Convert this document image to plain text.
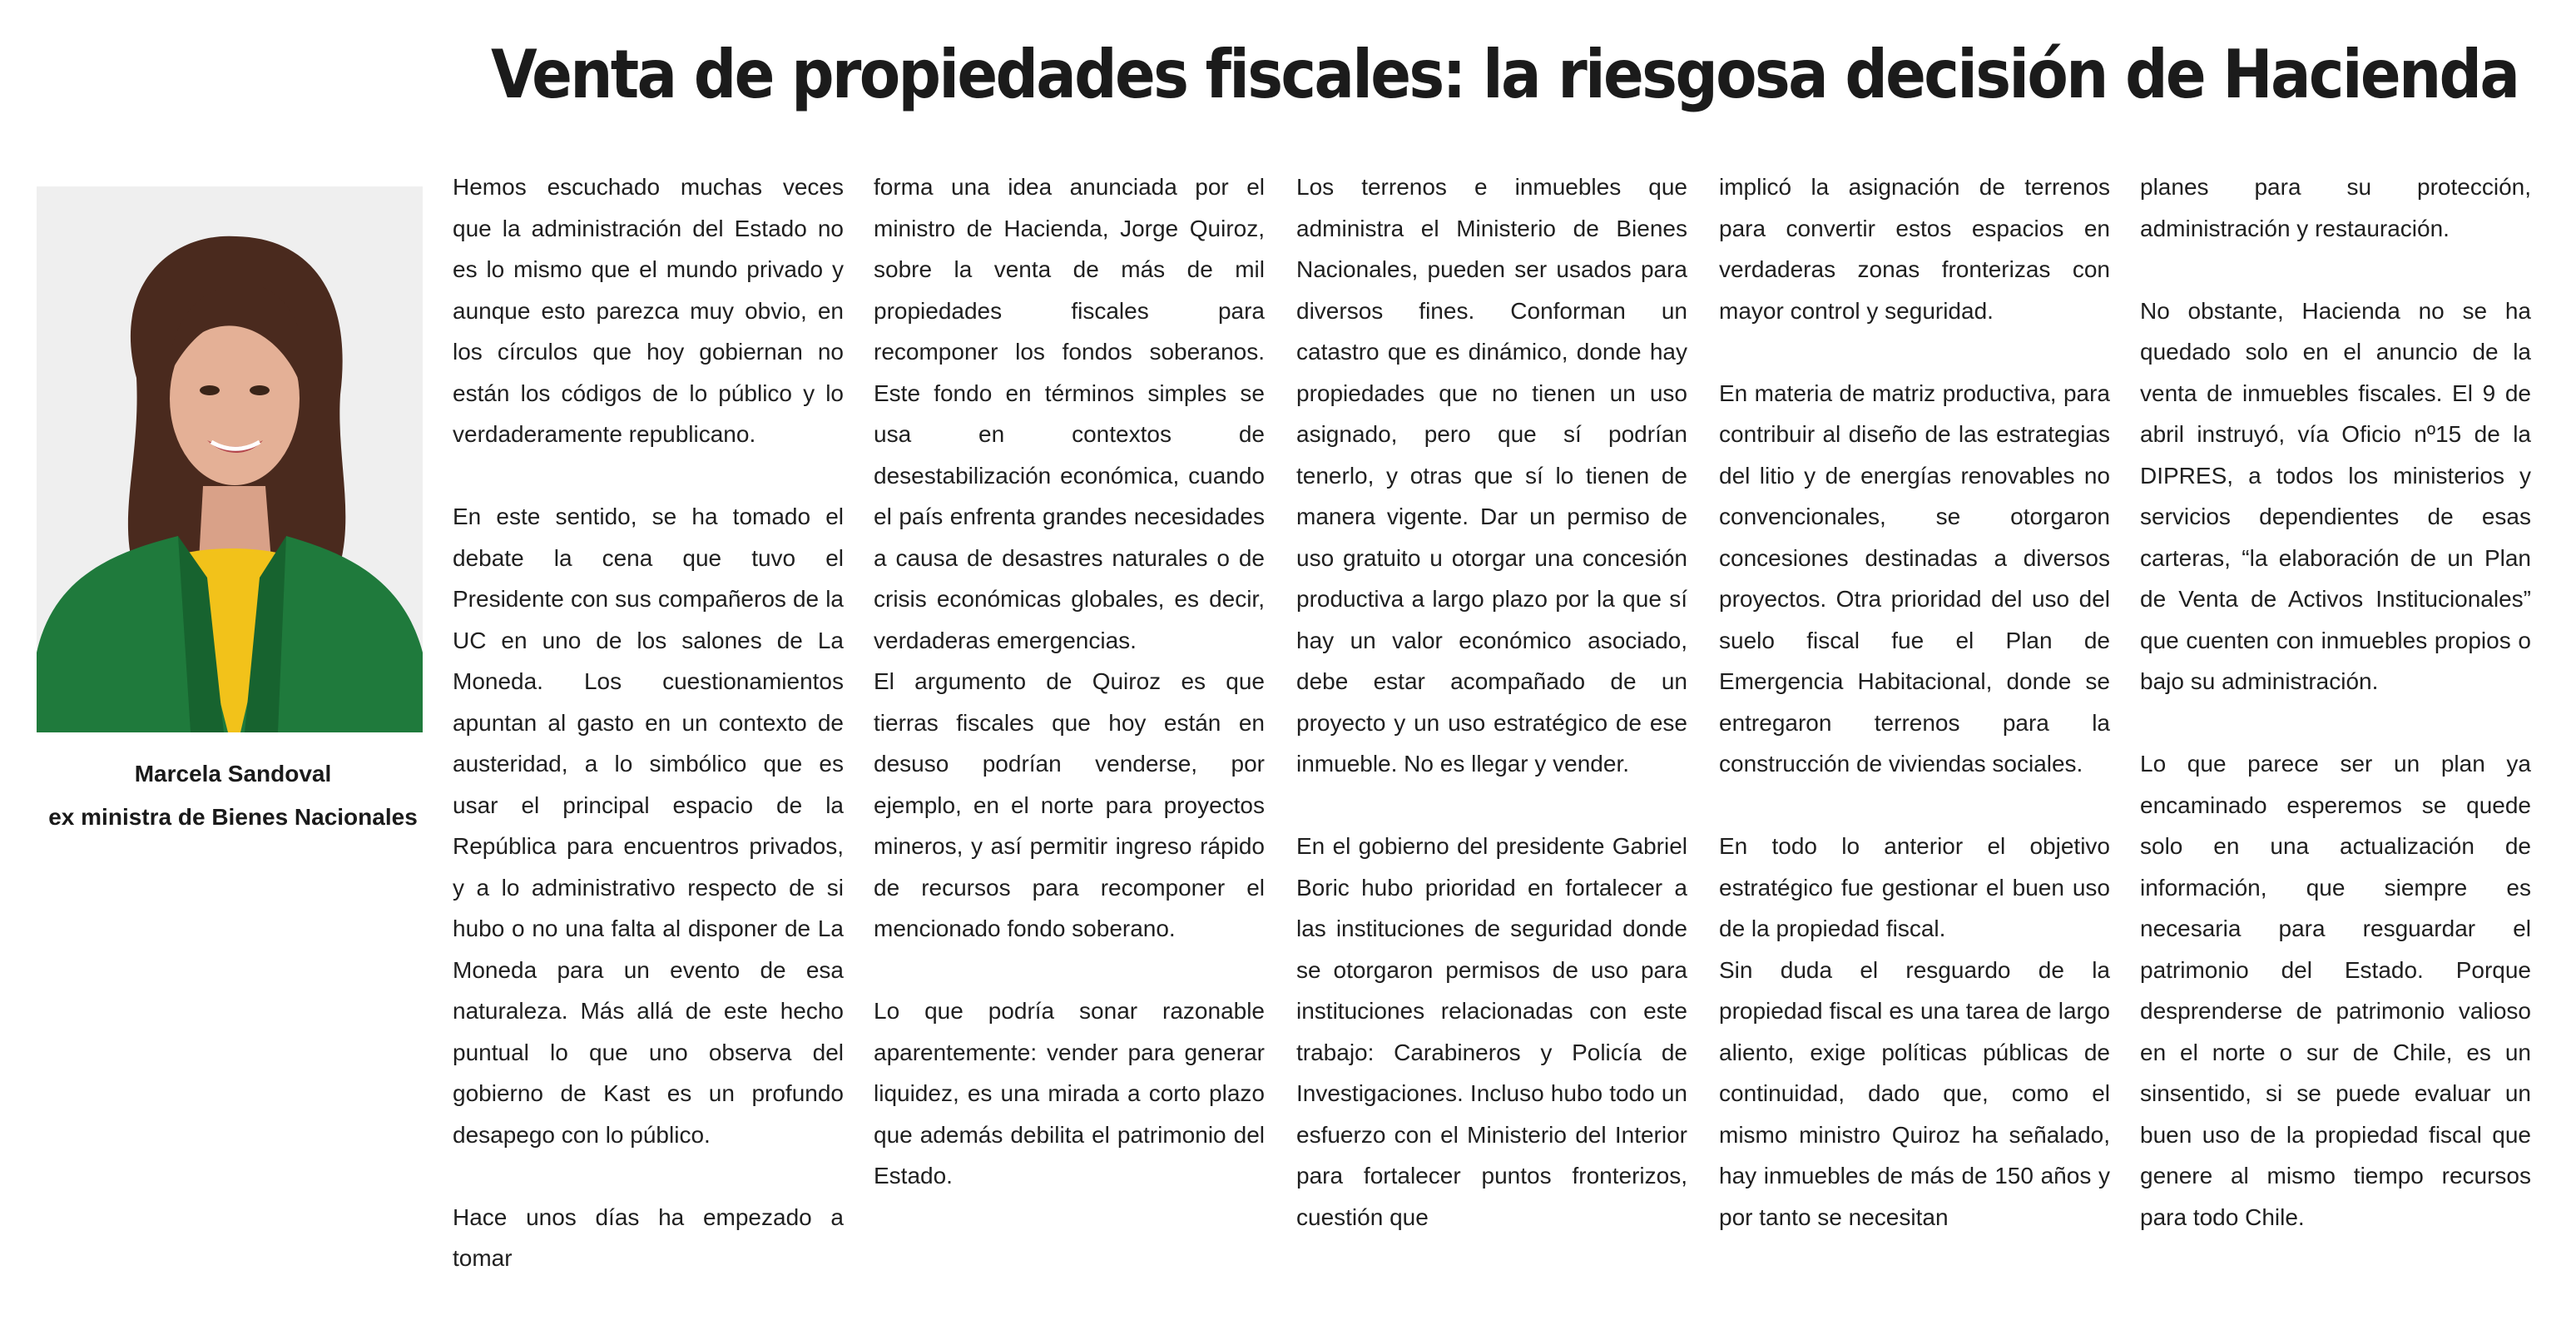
Venta de propiedades fiscales: la riesgosa decisión de Hacienda
Marcela Sandoval
ex ministra de Bienes Nacionales

Hemos escuchado muchas veces que la administración del Estado no es lo mismo que el mundo privado y aunque esto parezca muy obvio, en los círculos que hoy gobiernan no están los códigos de lo público y lo verdaderamente republicano.

En este sentido, se ha tomado el debate la cena que tuvo el Presidente con sus compañeros de la UC en uno de los salones de La Moneda. Los cuestionamientos apuntan al gasto en un contexto de austeridad, a lo simbólico que es usar el principal espacio de la República para encuentros privados, y a lo administrativo respecto de si hubo o no una falta al disponer de La Moneda para un evento de esa naturaleza. Más allá de este hecho puntual lo que uno observa del gobierno de Kast es un profundo desapego con lo público.

Hace unos días ha empezado a tomar

forma una idea anunciada por el ministro de Hacienda, Jorge Quiroz, sobre la venta de más de mil propiedades fiscales para recomponer los fondos soberanos. Este fondo en términos simples se usa en contextos de desestabilización económica, cuando el país enfrenta grandes necesidades a causa de desastres naturales o de crisis económicas globales, es decir, verdaderas emergencias.

El argumento de Quiroz es que tierras fiscales que hoy están en desuso podrían venderse, por ejemplo, en el norte para proyectos mineros, y así permitir ingreso rápido de recursos para recomponer el mencionado fondo soberano.

Lo que podría sonar razonable aparentemente: vender para generar liquidez, es una mirada a corto plazo que además debilita el patrimonio del Estado.

Los terrenos e inmuebles que administra el Ministerio de Bienes Nacionales, pueden ser usados para diversos fines. Conforman un catastro que es dinámico, donde hay propiedades que no tienen un uso asignado, pero que sí podrían tenerlo, y otras que sí lo tienen de manera vigente. Dar un permiso de uso gratuito u otorgar una concesión productiva a largo plazo por la que sí hay un valor económico asociado, debe estar acompañado de un proyecto y un uso estratégico de ese inmueble. No es llegar y vender.

En el gobierno del presidente Gabriel Boric hubo prioridad en fortalecer a las instituciones de seguridad donde se otorgaron permisos de uso para instituciones relacionadas con este trabajo: Carabineros y Policía de Investigaciones. Incluso hubo todo un esfuerzo con el Ministerio del Interior para fortalecer puntos fronterizos, cuestión que

implicó la asignación de terrenos para convertir estos espacios en verdaderas zonas fronterizas con mayor control y seguridad.

En materia de matriz productiva, para contribuir al diseño de las estrategias del litio y de energías renovables no convencionales, se otorgaron concesiones destinadas a diversos proyectos. Otra prioridad del uso del suelo fiscal fue el Plan de Emergencia Habitacional, donde se entregaron terrenos para la construcción de viviendas sociales.

En todo lo anterior el objetivo estratégico fue gestionar el buen uso de la propiedad fiscal.

Sin duda el resguardo de la propiedad fiscal es una tarea de largo aliento, exige políticas públicas de continuidad, dado que, como el mismo ministro Quiroz ha señalado, hay inmuebles de más de 150 años y por tanto se necesitan

planes para su protección, administración y restauración.

No obstante, Hacienda no se ha quedado solo en el anuncio de la venta de inmuebles fiscales. El 9 de abril instruyó, vía Oficio nº15 de la DIPRES, a todos los ministerios y servicios dependientes de esas carteras, “la elaboración de un Plan de Venta de Activos Institucionales” que cuenten con inmuebles propios o bajo su administración.

Lo que parece ser un plan ya encaminado esperemos se quede solo en una actualización de información, que siempre es necesaria para resguardar el patrimonio del Estado. Porque desprenderse de patrimonio valioso en el norte o sur de Chile, es un sinsentido, si se puede evaluar un buen uso de la propiedad fiscal que genere al mismo tiempo recursos para todo Chile.
